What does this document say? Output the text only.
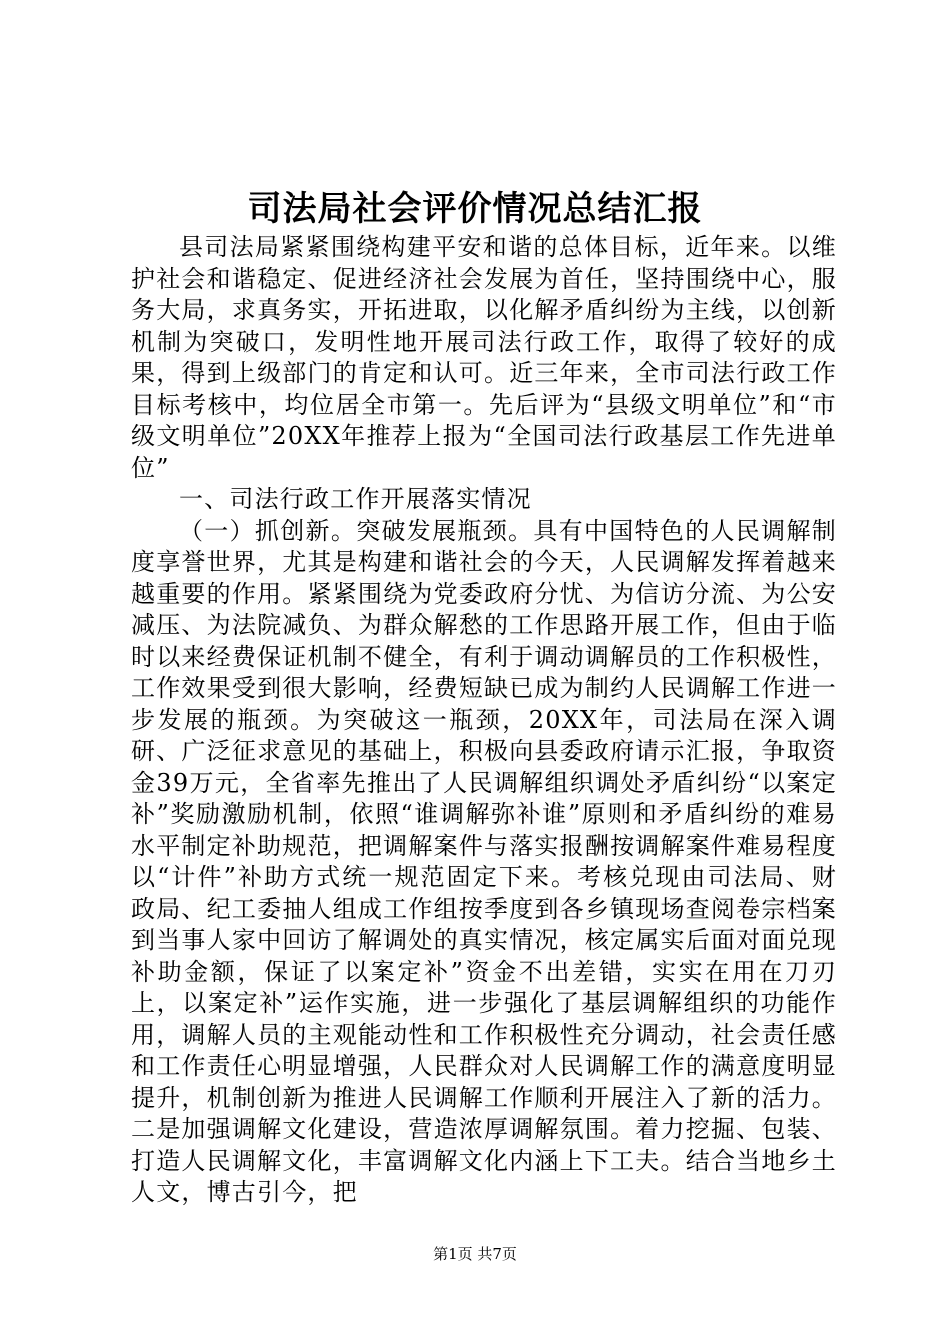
司法局社会评价情况总结汇报

县司法局紧紧围绕构建平安和谐的总体目标，近年来。以维护社会和谐稳定、促进经济社会发展为首任，坚持围绕中心，服务大局，求真务实，开拓进取，以化解矛盾纠纷为主线，以创新机制为突破口，发明性地开展司法行政工作，取得了较好的成果，得到上级部门的肯定和认可。近三年来，全市司法行政工作目标考核中，均位居全市第一。先后评为“县级文明单位”和“市级文明单位”20XX年推荐上报为“全国司法行政基层工作先进单位”

一、司法行政工作开展落实情况

（一）抓创新。突破发展瓶颈。具有中国特色的人民调解制度享誉世界，尤其是构建和谐社会的今天，人民调解发挥着越来越重要的作用。紧紧围绕为党委政府分忧、为信访分流、为公安减压、为法院减负、为群众解愁的工作思路开展工作，但由于临时以来经费保证机制不健全，有利于调动调解员的工作积极性，工作效果受到很大影响，经费短缺已成为制约人民调解工作进一步发展的瓶颈。为突破这一瓶颈，20XX年，司法局在深入调研、广泛征求意见的基础上，积极向县委政府请示汇报，争取资金39万元，全省率先推出了人民调解组织调处矛盾纠纷“以案定补”奖励激励机制，依照“谁调解弥补谁”原则和矛盾纠纷的难易水平制定补助规范，把调解案件与落实报酬按调解案件难易程度以“计件”补助方式统一规范固定下来。考核兑现由司法局、财政局、纪工委抽人组成工作组按季度到各乡镇现场查阅卷宗档案到当事人家中回访了解调处的真实情况，核定属实后面对面兑现补助金额，保证了以案定补”资金不出差错，实实在用在刀刃上，以案定补”运作实施，进一步强化了基层调解组织的功能作用，调解人员的主观能动性和工作积极性充分调动，社会责任感和工作责任心明显增强，人民群众对人民调解工作的满意度明显提升，机制创新为推进人民调解工作顺利开展注入了新的活力。二是加强调解文化建设，营造浓厚调解氛围。着力挖掘、包装、打造人民调解文化，丰富调解文化内涵上下工夫。结合当地乡土人文，博古引今，把

第1页 共7页
